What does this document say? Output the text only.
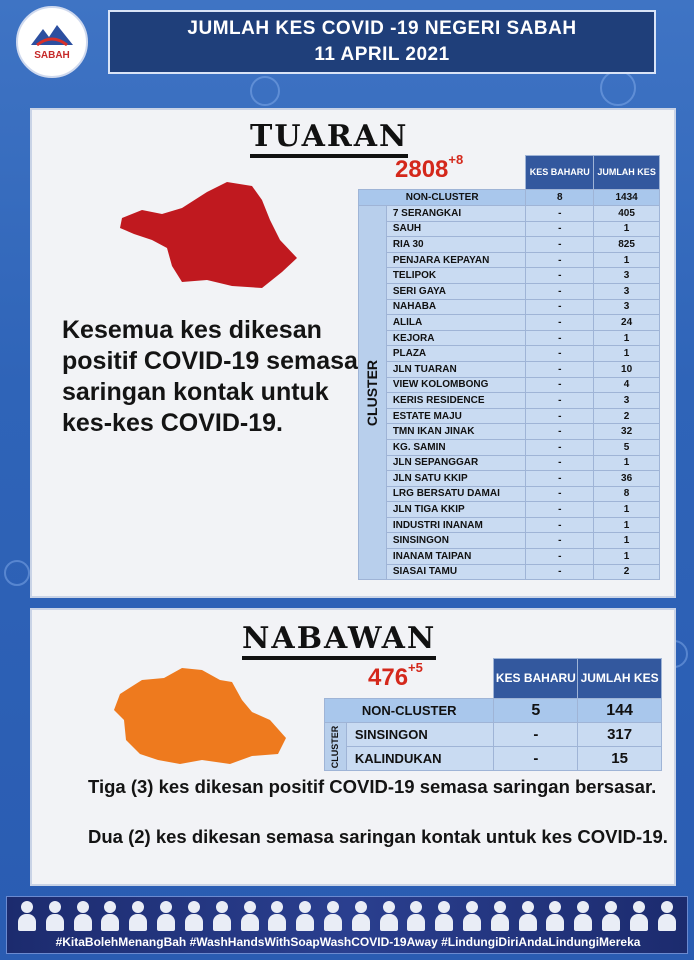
SABAH
JUMLAH KES COVID -19 NEGERI SABAH
11 APRIL 2021
TUARAN
$2808^{+8}$
Kesemua kes dikesan positif COVID-19 semasa saringan kontak untuk kes-kes COVID-19.
		KES BAHARU	JUMLAH KES
NON-CLUSTER		8	1434

CLUSTER	7 SERANGKAI	-	405
	SAUH	-	1
	RIA 30	-	825
	PENJARA KEPAYAN	-	1
	TELIPOK	-	3
	SERI GAYA	-	3
	NAHABA	-	3
	ALILA	-	24
	KEJORA	-	1
	PLAZA	-	1
	JLN TUARAN	-	10
	VIEW KOLOMBONG	-	4
	KERIS RESIDENCE	-	3
	ESTATE MAJU	-	2
	TMN IKAN JINAK	-	32
	KG. SAMIN	-	5
	JLN SEPANGGAR	-	1
	JLN SATU KKIP	-	36
	LRG BERSATU DAMAI	-	8
	JLN TIGA KKIP	-	1
	INDUSTRI INANAM	-	1
	SINSINGON	-	1
	INANAM TAIPAN	-	1
	SIASAI TAMU	-	2
NABAWAN
$476^{+5}$
		KES BAHARU	JUMLAH KES
NON-CLUSTER		5	144

CLUSTER	SINSINGON	-	317
	KALINDUKAN	-	15
Tiga (3) kes dikesan positif COVID-19 semasa saringan bersasar.
Dua (2) kes dikesan semasa saringan kontak untuk kes COVID-19.
#KitaBolehMenangBah #WashHandsWithSoapWashCOVID-19Away #LindungiDiriAndaLindungiMereka
